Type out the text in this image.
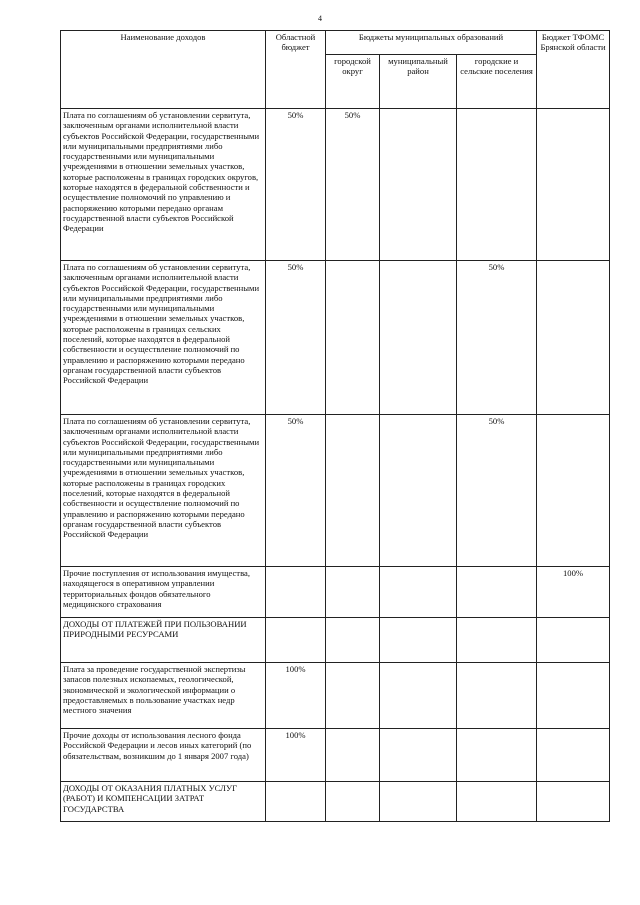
4
Наименование доходов	Областной бюджет	Бюджеты муниципальных образований			Бюджет ТФОМС Брянской области
		городской округ	муниципальный район	городские и сельские поселения	
Плата по соглашениям об установлении сервитута, заключенным органами исполнительной власти субъектов Российской Федерации, государственными или муниципальными предприятиями либо государственными или муниципальными учреждениями в отношении земельных участков, которые расположены в границах городских округов, которые находятся в федеральной собственности и осуществление полномочий по управлению и распоряжению которыми передано органам государственной власти субъектов Российской Федерации	50%	50%			
Плата по соглашениям об установлении сервитута, заключенным органами исполнительной власти субъектов Российской Федерации, государственными или муниципальными предприятиями либо государственными или муниципальными учреждениями в отношении земельных участков, которые расположены в границах сельских поселений, которые находятся в федеральной собственности и осуществление полномочий по управлению и распоряжению которыми передано органам государственной власти субъектов Российской Федерации	50%			50%	
Плата по соглашениям об установлении сервитута, заключенным органами исполнительной власти субъектов Российской Федерации, государственными или муниципальными предприятиями либо государственными или муниципальными учреждениями в отношении земельных участков, которые расположены в границах городских поселений, которые находятся в федеральной собственности и осуществление полномочий по управлению и распоряжению которыми передано органам государственной власти субъектов Российской Федерации	50%			50%	
Прочие поступления от использования имущества, находящегося в оперативном управлении территориальных фондов обязательного медицинского страхования					100%
ДОХОДЫ ОТ ПЛАТЕЖЕЙ ПРИ ПОЛЬЗОВАНИИ ПРИРОДНЫМИ РЕСУРСАМИ					
Плата за проведение государственной экспертизы запасов полезных ископаемых, геологической, экономической и экологической информации о предоставляемых в пользование участках недр местного значения	100%				
Прочие доходы от использования лесного фонда Российской Федерации и лесов иных категорий (по обязательствам, возникшим до 1 января 2007 года)	100%				
ДОХОДЫ ОТ ОКАЗАНИЯ ПЛАТНЫХ УСЛУГ (РАБОТ) И КОМПЕНСАЦИИ ЗАТРАТ ГОСУДАРСТВА					
